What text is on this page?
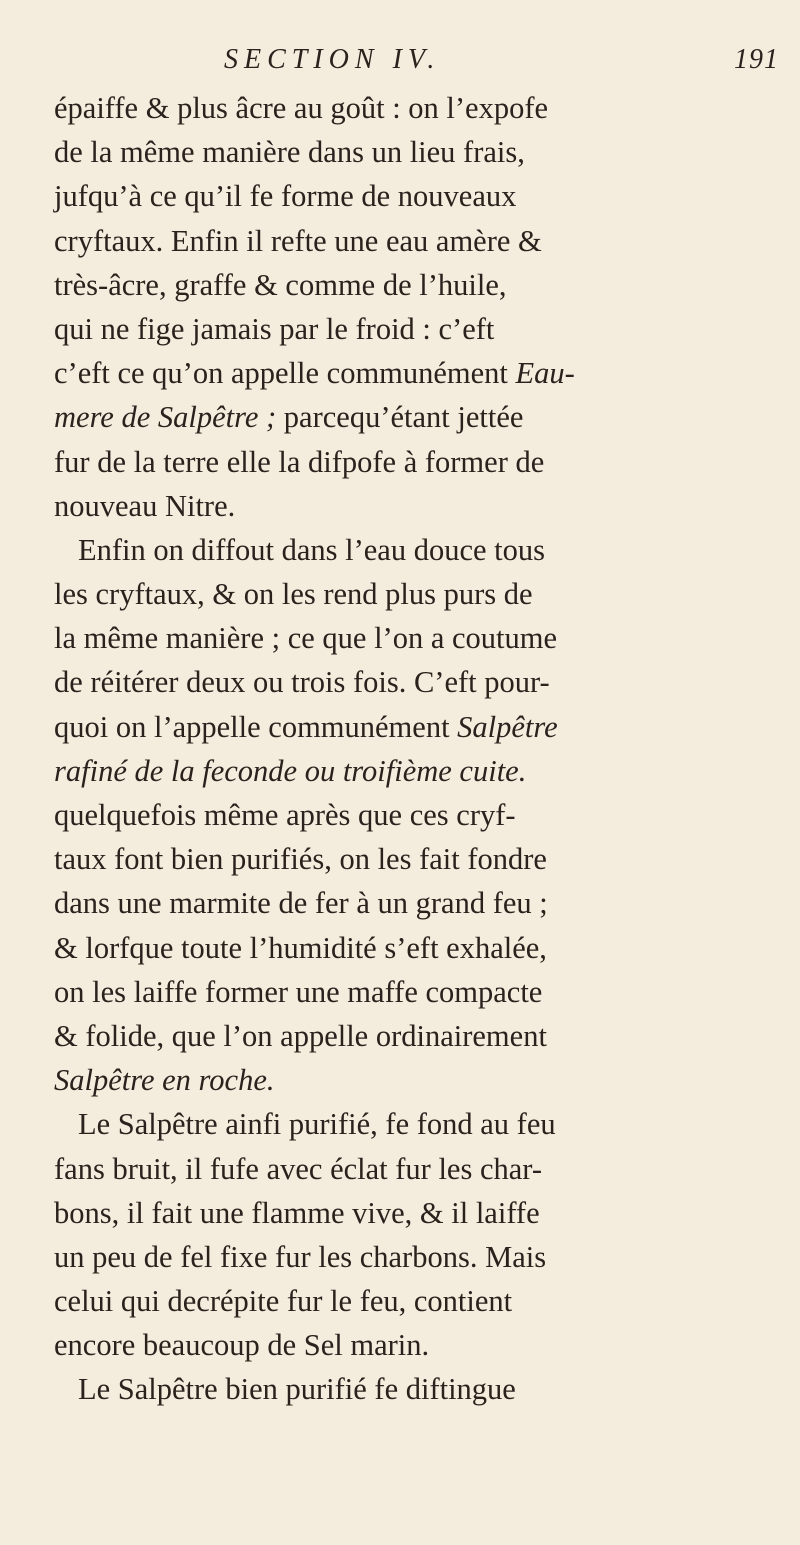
SECTION IV.	191
épaiffe & plus âcre au goût : on l’expofe
de la même manière dans un lieu frais,
jufqu’à ce qu’il fe forme de nouveaux
cryftaux. Enfin il refte une eau amère &
très-âcre, graffe & comme de l’huile,
qui ne fige jamais par le froid : c’eft
c’eft ce qu’on appelle communément Eau-
mere de Salpêtre ; parcequ’étant jettée
fur de la terre elle la difpofe à former de
nouveau Nitre.
Enfin on diffout dans l’eau douce tous
les cryftaux, & on les rend plus purs de
la même manière ; ce que l’on a coutume
de réitérer deux ou trois fois. C’eft pour-
quoi on l’appelle communément Salpêtre
rafiné de la feconde ou troifième cuite.
quelquefois même après que ces cryf-
taux font bien purifiés, on les fait fondre
dans une marmite de fer à un grand feu ;
& lorfque toute l’humidité s’eft exhalée,
on les laiffe former une maffe compacte
& folide, que l’on appelle ordinairement
Salpêtre en roche.
Le Salpêtre ainfi purifié, fe fond au feu
fans bruit, il fufe avec éclat fur les char-
bons, il fait une flamme vive, & il laiffe
un peu de fel fixe fur les charbons. Mais
celui qui decrépite fur le feu, contient
encore beaucoup de Sel marin.
Le Salpêtre bien purifié fe diftingue
